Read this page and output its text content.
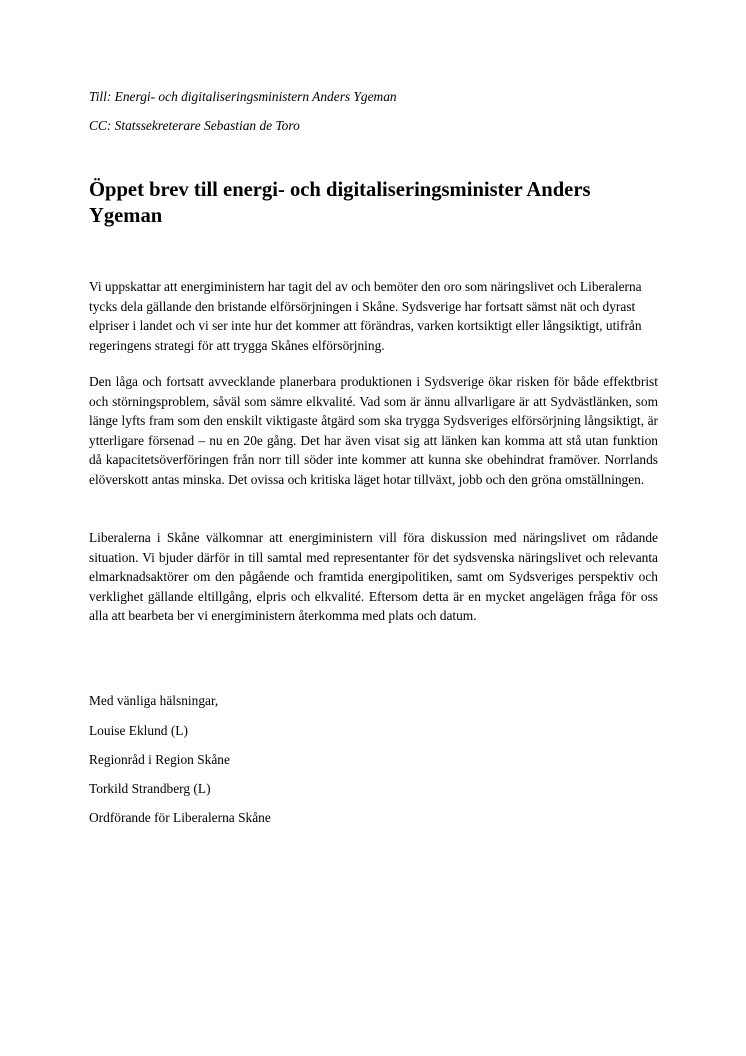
Till: Energi- och digitaliseringsministern Anders Ygeman
CC: Statssekreterare Sebastian de Toro
Öppet brev till energi- och digitaliseringsminister Anders Ygeman

Vi uppskattar att energiministern har tagit del av och bemöter den oro som näringslivet och Liberalerna tycks dela gällande den bristande elförsörjningen i Skåne. Sydsverige har fortsatt sämst nät och dyrast elpriser i landet och vi ser inte hur det kommer att förändras, varken kortsiktigt eller långsiktigt, utifrån regeringens strategi för att trygga Skånes elförsörjning.

Den låga och fortsatt avvecklande planerbara produktionen i Sydsverige ökar risken för både effektbrist och störningsproblem, såväl som sämre elkvalité. Vad som är ännu allvarligare är att Sydvästlänken, som länge lyfts fram som den enskilt viktigaste åtgärd som ska trygga Sydsveriges elförsörjning långsiktigt, är ytterligare försenad – nu en 20e gång. Det har även visat sig att länken kan komma att stå utan funktion då kapacitetsöverföringen från norr till söder inte kommer att kunna ske obehindrat framöver. Norrlands elöverskott antas minska. Det ovissa och kritiska läget hotar tillväxt, jobb och den gröna omställningen.

Liberalerna i Skåne välkomnar att energiministern vill föra diskussion med näringslivet om rådande situation. Vi bjuder därför in till samtal med representanter för det sydsvenska näringslivet och relevanta elmarknadsaktörer om den pågående och framtida energipolitiken, samt om Sydsveriges perspektiv och verklighet gällande eltillgång, elpris och elkvalité. Eftersom detta är en mycket angelägen fråga för oss alla att bearbeta ber vi energiministern återkomma med plats och datum.

Med vänliga hälsningar,
Louise Eklund (L)
Regionråd i Region Skåne
Torkild Strandberg (L)
Ordförande för Liberalerna Skåne
